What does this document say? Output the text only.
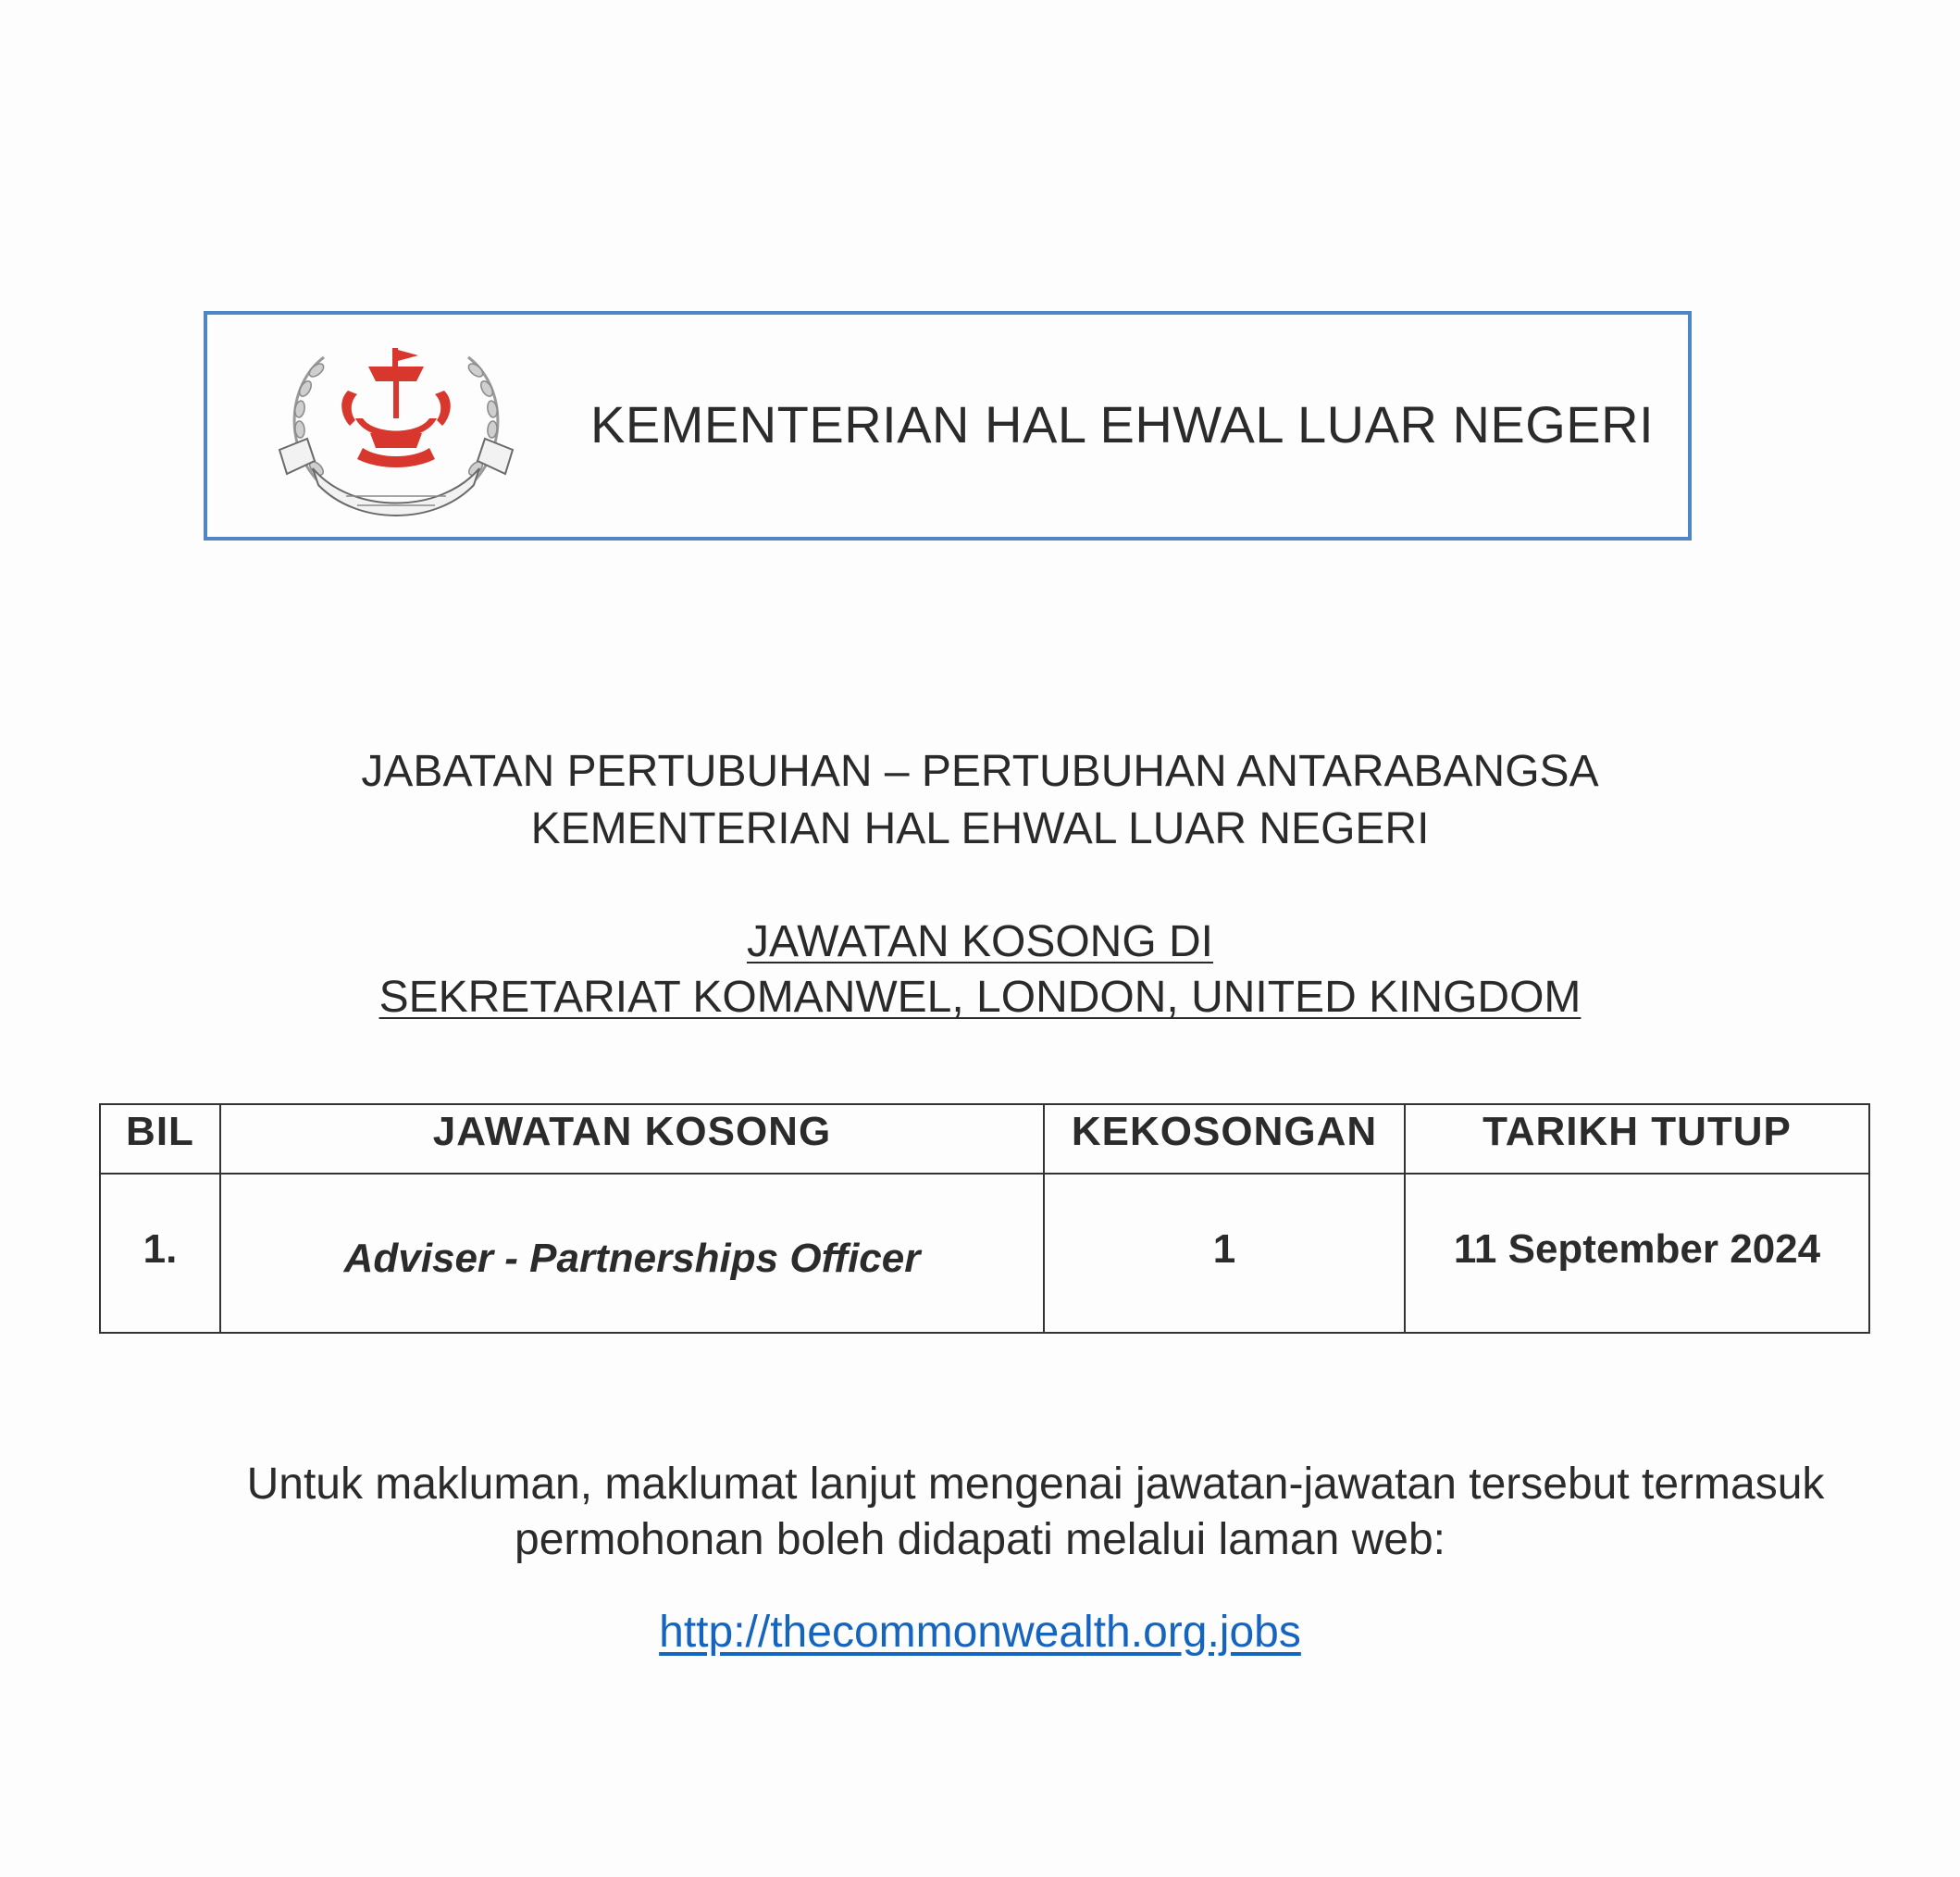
KEMENTERIAN HAL EHWAL LUAR NEGERI
JABATAN PERTUBUHAN – PERTUBUHAN ANTARABANGSA
KEMENTERIAN HAL EHWAL LUAR NEGERI
JAWATAN KOSONG DI
SEKRETARIAT KOMANWEL, LONDON, UNITED KINGDOM
BIL	JAWATAN KOSONG	KEKOSONGAN	TARIKH TUTUP
1.	Adviser - Partnerships Officer	1	11 September 2024
Untuk makluman, maklumat lanjut mengenai jawatan-jawatan tersebut termasuk
permohonan boleh didapati melalui laman web:
http://thecommonwealth.org.jobs
